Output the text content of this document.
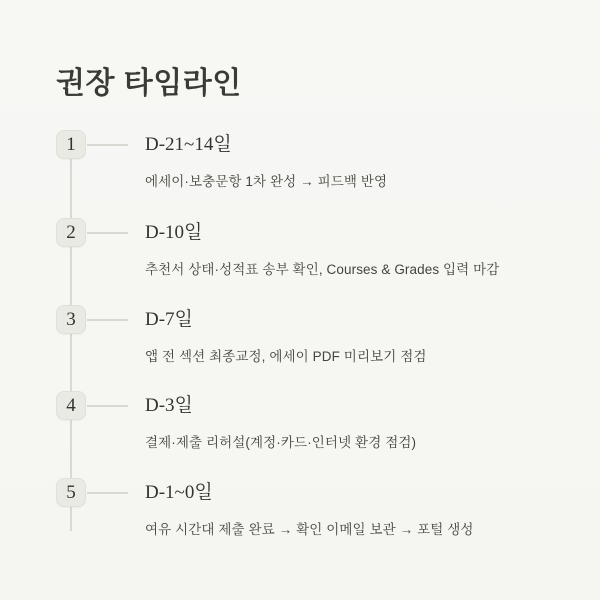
권장 타임라인
1	D-21~14일
에세이·보충문항 1차 완성 → 피드백 반영
2	D-10일
추천서 상태·성적표 송부 확인, Courses & Grades 입력 마감
3	D-7일
앱 전 섹션 최종교정, 에세이 PDF 미리보기 점검
4	D-3일
결제·제출 리허설(계정·카드·인터넷 환경 점검)
5	D-1~0일
여유 시간대 제출 완료 → 확인 이메일 보관 → 포털 생성
